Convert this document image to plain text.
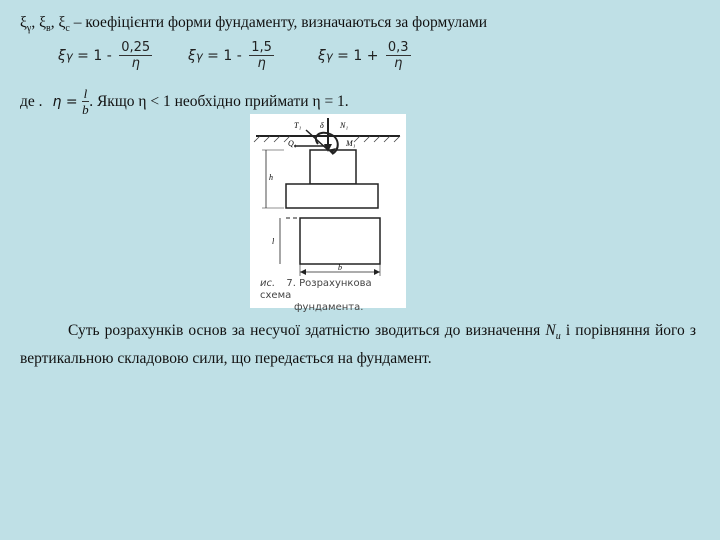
$\xi_\gamma$, $\xi_в$, $\xi_c$ – коефіцієнти форми фундаменту, визначаються за формулами
ξ $\gamma = 1 - \frac{0,25}{\eta}$	ξ $\gamma = 1 - \frac{1,5}{\eta}$	ξ $\gamma = 1 + \frac{0,3}{\eta}$
де . $\eta = \frac{l}{b}$ . Якщо η < 1 необхідно приймати η = 1.
T₁ δ N₁
Q₁	M₁
h
l
b
ис. 7. Розрахункова схема
фундамента.
Суть розрахунків основ за несучої здатністю зводиться до визначення $N_u$ і порівняння його з вертикальною складовою сили, що передається на фундамент.
